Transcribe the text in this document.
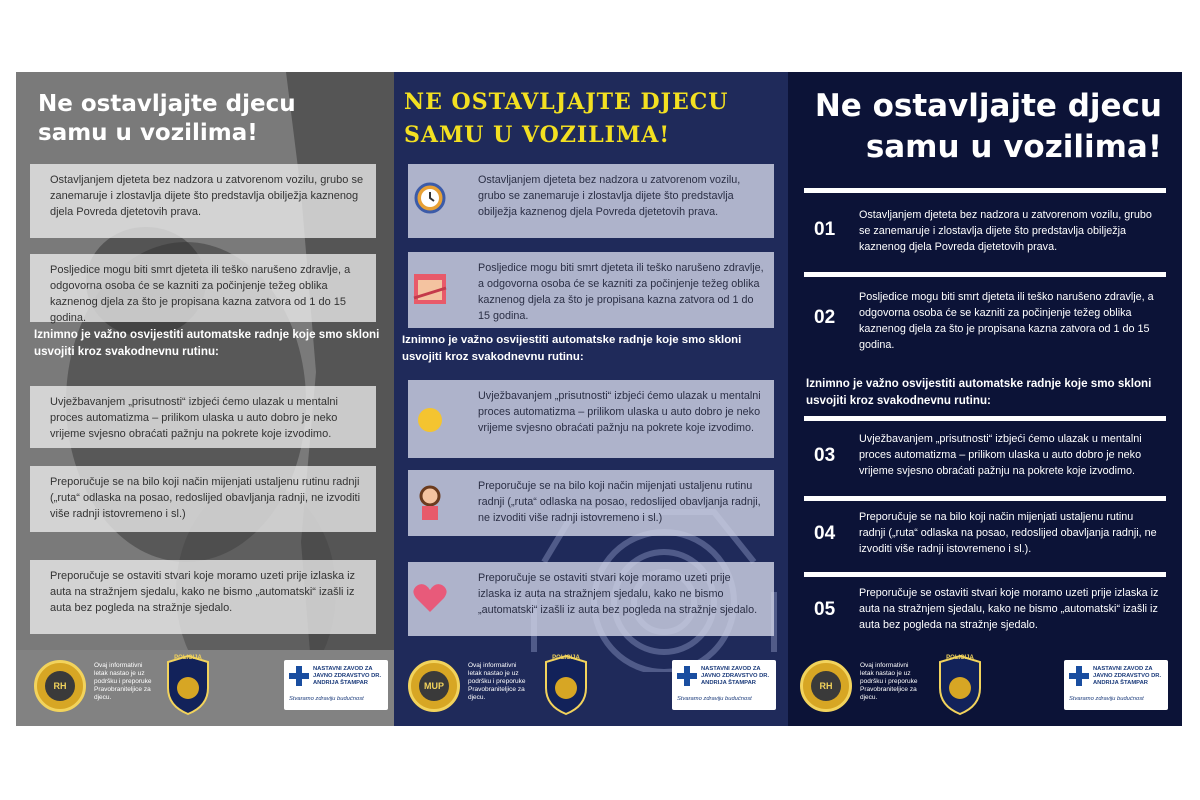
Ne ostavljajte djecu
samu u vozilima!
Ostavljanjem djeteta bez nadzora u zatvorenom vozilu, grubo se zanemaruje i zlostavlja dijete što predstavlja obilježja kaznenog djela Povreda djetetovih prava.
Posljedice mogu biti smrt djeteta ili teško narušeno zdravlje, a odgovorna osoba će se kazniti za počinjenje težeg oblika kaznenog djela za što je propisana kazna zatvora od 1 do 15 godina.
Iznimno je važno osvijestiti automatske radnje koje smo skloni usvojiti kroz svakodnevnu rutinu:
Uvježbavanjem „prisutnosti“ izbjeći ćemo ulazak u mentalni proces automatizma – prilikom ulaska u auto dobro je neko vrijeme svjesno obraćati pažnju na pokrete koje izvodimo.
Preporučuje se na bilo koji način mijenjati ustaljenu rutinu radnji („ruta“ odlaska na posao, redoslijed obavljanja radnji, ne izvoditi više radnji istovremeno i sl.)
Preporučuje se ostaviti stvari koje moramo uzeti prije izlaska iz auta na stražnjem sjedalu, kako ne bismo „automatski“ izašli iz auta bez pogleda na stražnje sjedalo.
RH
Ovaj informativni letak nastao je uz podršku i preporuke Pravobraniteljice za djecu.
POLICIJA
NASTAVNI ZAVOD ZA JAVNO ZDRAVSTVO DR. ANDRIJA ŠTAMPAR
Stvaramo zdraviju budućnost
NE OSTAVLJAJTE DJECU
SAMU U VOZILIMA!
Ostavljanjem djeteta bez nadzora u zatvorenom vozilu, grubo se zanemaruje i zlostavlja dijete što predstavlja obilježja kaznenog djela Povreda djetetovih prava.
Posljedice mogu biti smrt djeteta ili teško narušeno zdravlje, a odgovorna osoba će se kazniti za počinjenje težeg oblika kaznenog djela za što je propisana kazna zatvora od 1 do 15 godina.
Iznimno je važno osvijestiti automatske radnje koje smo skloni usvojiti kroz svakodnevnu rutinu:
Uvježbavanjem „prisutnosti“ izbjeći ćemo ulazak u mentalni proces automatizma – prilikom ulaska u auto dobro je neko vrijeme svjesno obraćati pažnju na pokrete koje izvodimo.
Preporučuje se na bilo koji način mijenjati ustaljenu rutinu radnji („ruta“ odlaska na posao, redoslijed obavljanja radnji, ne izvoditi više radnji istovremeno i sl.)
Preporučuje se ostaviti stvari koje moramo uzeti prije izlaska iz auta na stražnjem sjedalu, kako ne bismo „automatski“ izašli iz auta bez pogleda na stražnje sjedalo.
MUP
Ovaj informativni letak nastao je uz podršku i preporuke Pravobraniteljice za djecu.
POLICIJA
NASTAVNI ZAVOD ZA JAVNO ZDRAVSTVO DR. ANDRIJA ŠTAMPAR
Stvaramo zdraviju budućnost
Ne ostavljajte djecu
samu u vozilima!
01
Ostavljanjem djeteta bez nadzora u zatvorenom vozilu, grubo se zanemaruje i zlostavlja dijete što predstavlja obilježja kaznenog djela Povreda djetetovih prava.
02
Posljedice mogu biti smrt djeteta ili teško narušeno zdravlje, a odgovorna osoba će se kazniti za počinjenje težeg oblika kaznenog djela za što je propisana kazna zatvora od 1 do 15 godina.
Iznimno je važno osvijestiti automatske radnje koje smo skloni usvojiti kroz svakodnevnu rutinu:
03
Uvježbavanjem „prisutnosti“ izbjeći ćemo ulazak u mentalni proces automatizma – prilikom ulaska u auto dobro je neko vrijeme svjesno obraćati pažnju na pokrete koje izvodimo.
04
Preporučuje se na bilo koji način mijenjati ustaljenu rutinu radnji („ruta“ odlaska na posao, redoslijed obavljanja radnji, ne izvoditi više radnji istovremeno i sl.).
05
Preporučuje se ostaviti stvari koje moramo uzeti prije izlaska iz auta na stražnjem sjedalu, kako ne bismo „automatski“ izašli iz auta bez pogleda na stražnje sjedalo.
RH
Ovaj informativni letak nastao je uz podršku i preporuke Pravobraniteljice za djecu.
POLICIJA
NASTAVNI ZAVOD ZA JAVNO ZDRAVSTVO DR. ANDRIJA ŠTAMPAR
Stvaramo zdraviju budućnost
